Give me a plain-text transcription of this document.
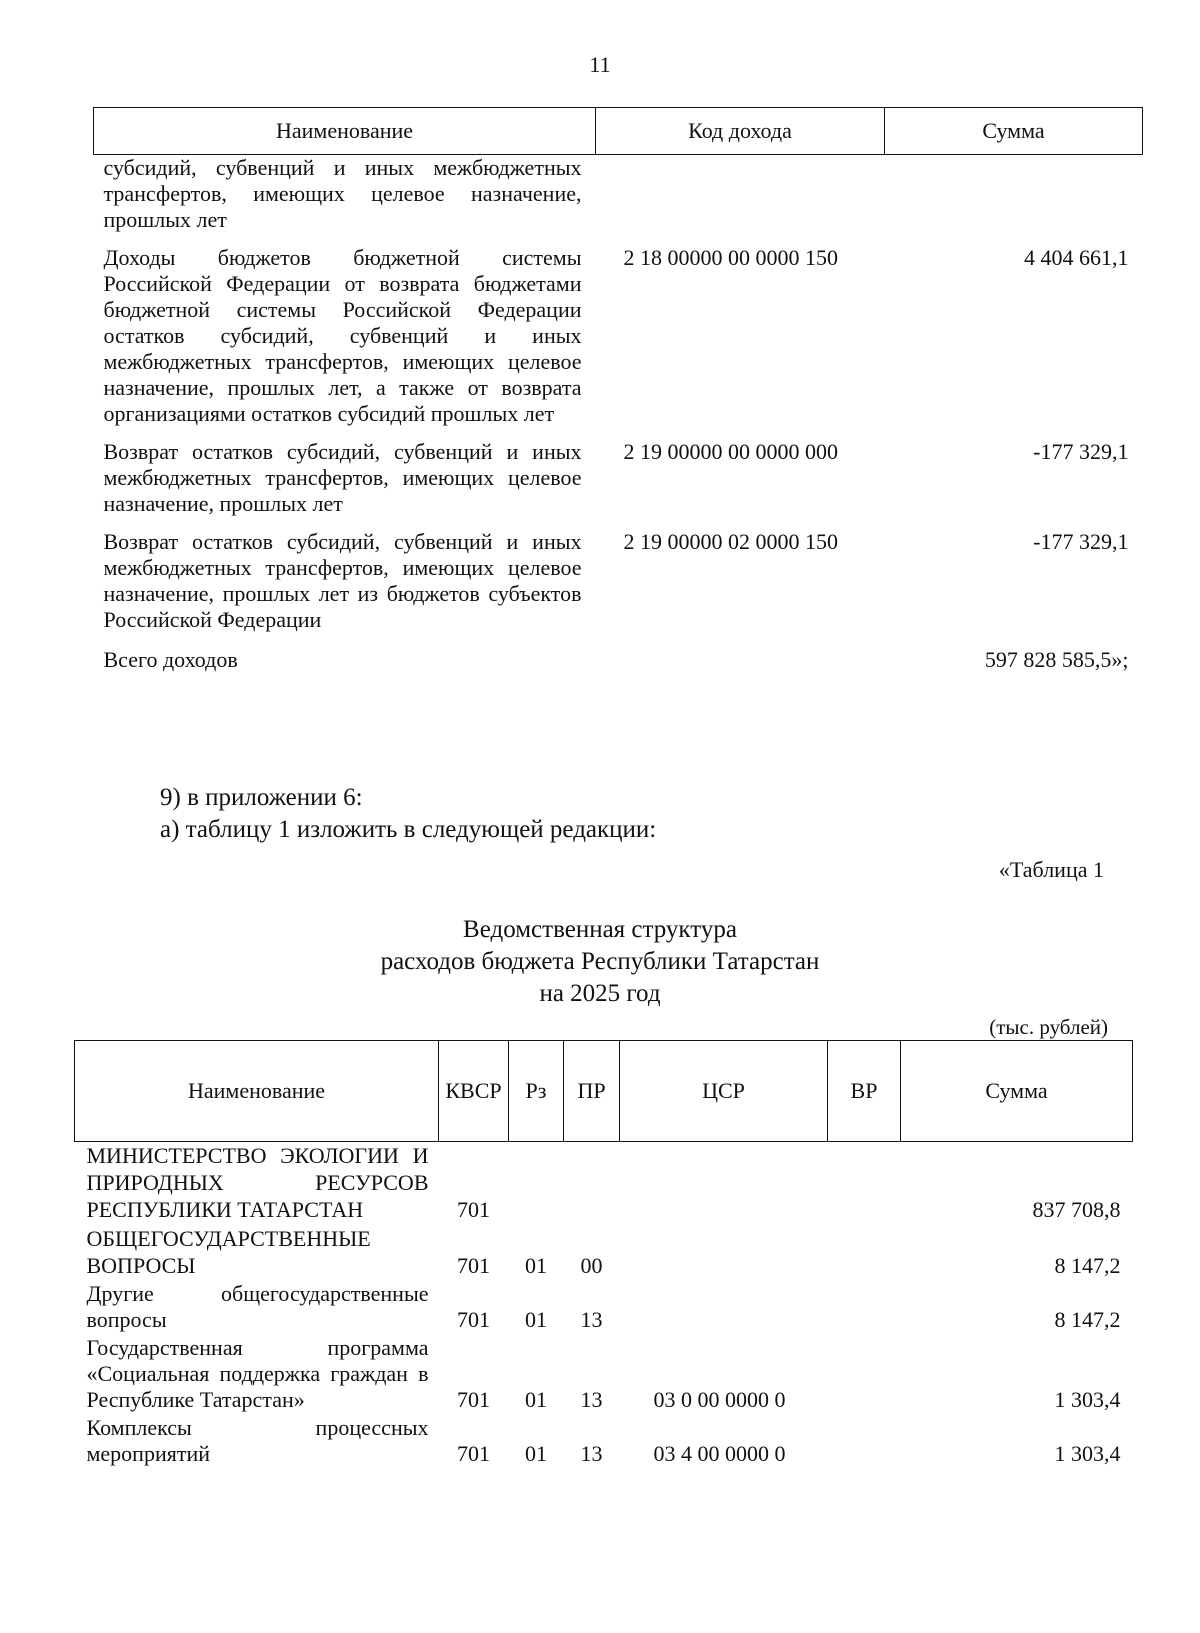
11
Наименование	Код дохода	Сумма
субсидий, субвенций и иных межбюджетных трансфертов, имеющих целевое назначение, прошлых лет		
Доходы бюджетов бюджетной системы Российской Федерации от возврата бюджетами бюджетной системы Российской Федерации остатков субсидий, субвенций и иных межбюджетных трансфертов, имеющих целевое назначение, прошлых лет, а также от возврата организациями остатков субсидий прошлых лет	2 18 00000 00 0000 150	4 404 661,1
Возврат остатков субсидий, субвенций и иных межбюджетных трансфертов, имеющих целевое назначение, прошлых лет	2 19 00000 00 0000 000	-177 329,1
Возврат остатков субсидий, субвенций и иных межбюджетных трансфертов, имеющих целевое назначение, прошлых лет из бюджетов субъектов Российской Федерации	2 19 00000 02 0000 150	-177 329,1
Всего доходов		597 828 585,5»;

9) в приложении 6:

а) таблицу 1 изложить в следующей редакции:

«Таблица 1
Ведомственная структура
расходов бюджета Республики Татарстан
на 2025 год
(тыс. рублей)
Наименование	КВСР	Рз	ПР	ЦСР	ВР	Сумма
МИНИСТЕРСТВО ЭКОЛОГИИ И ПРИРОДНЫХ РЕСУРСОВ РЕСПУБЛИКИ ТАТАРСТАН	701					837 708,8
ОБЩЕГОСУДАРСТВЕННЫЕ ВОПРОСЫ	701	01	00			8 147,2
Другие общегосударственные вопросы	701	01	13			8 147,2
Государственная программа «Социальная поддержка граждан в Республике Татарстан»	701	01	13	03 0 00 0000 0		1 303,4
Комплексы процессных мероприятий	701	01	13	03 4 00 0000 0		1 303,4
